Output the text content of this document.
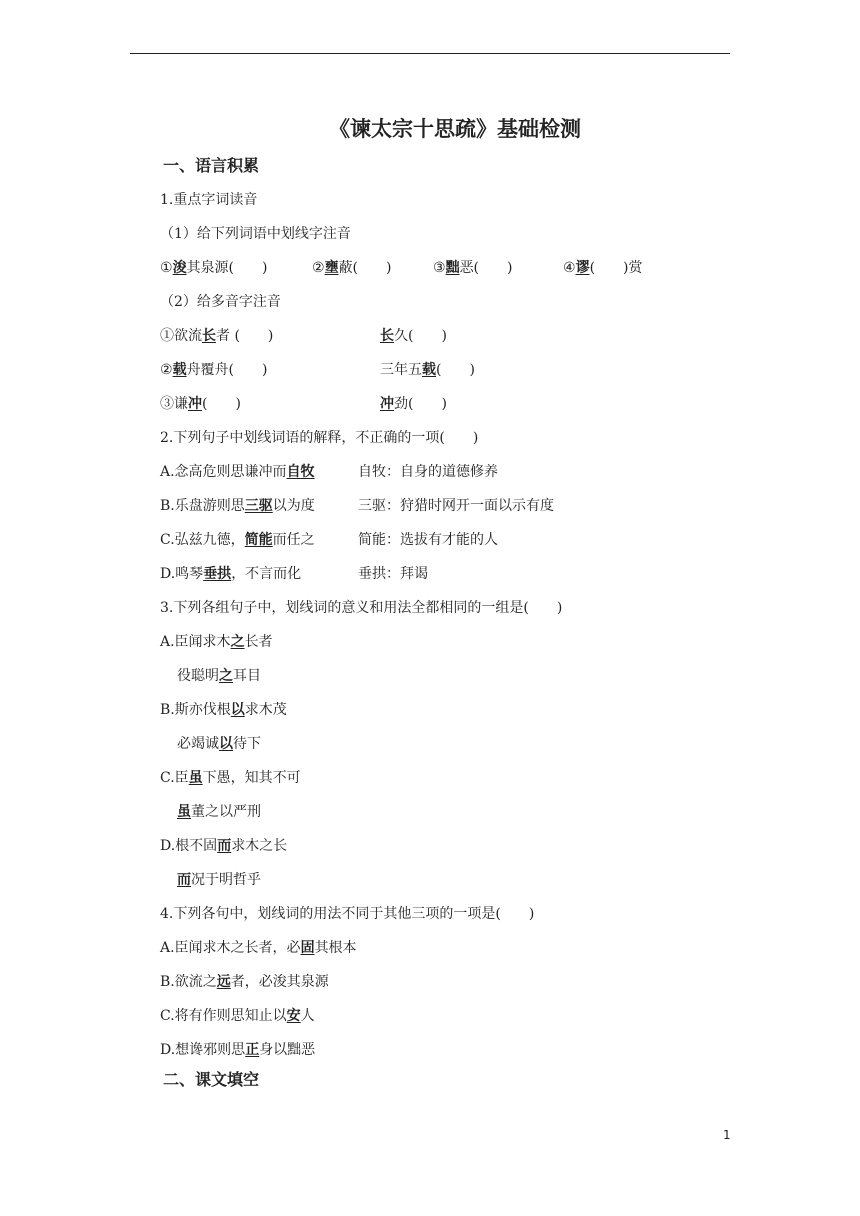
《谏太宗十思疏》基础检测
一、语言积累
1.重点字词读音
（1）给下列词语中划线字注音
①浚其泉源(　　)	②壅蔽(　　)	③黜恶(　　)	④谬(　　)赏
（2）给多音字注音
①欲流长者 (　　)	长久(　　)
②载舟覆舟(　　)	三年五载(　　)
③谦冲(　　)	冲劲(　　)
2.下列句子中划线词语的解释，不正确的一项(　　)
A.念高危则思谦冲而自牧	自牧：自身的道德修养
B.乐盘游则思三驱以为度	三驱：狩猎时网开一面以示有度
C.弘兹九德，简能而任之	简能：选拔有才能的人
D.鸣琴垂拱，不言而化	垂拱：拜谒
3.下列各组句子中，划线词的意义和用法全都相同的一组是(　　)
A.臣闻求木之长者
役聪明之耳目
B.斯亦伐根以求木茂
必竭诚以待下
C.臣虽下愚，知其不可
虽董之以严刑
D.根不固而求木之长
而况于明哲乎
4.下列各句中，划线词的用法不同于其他三项的一项是(　　)
A.臣闻求木之长者，必固其根本
B.欲流之远者，必浚其泉源
C.将有作则思知止以安人
D.想谗邪则思正身以黜恶
二、课文填空
1
